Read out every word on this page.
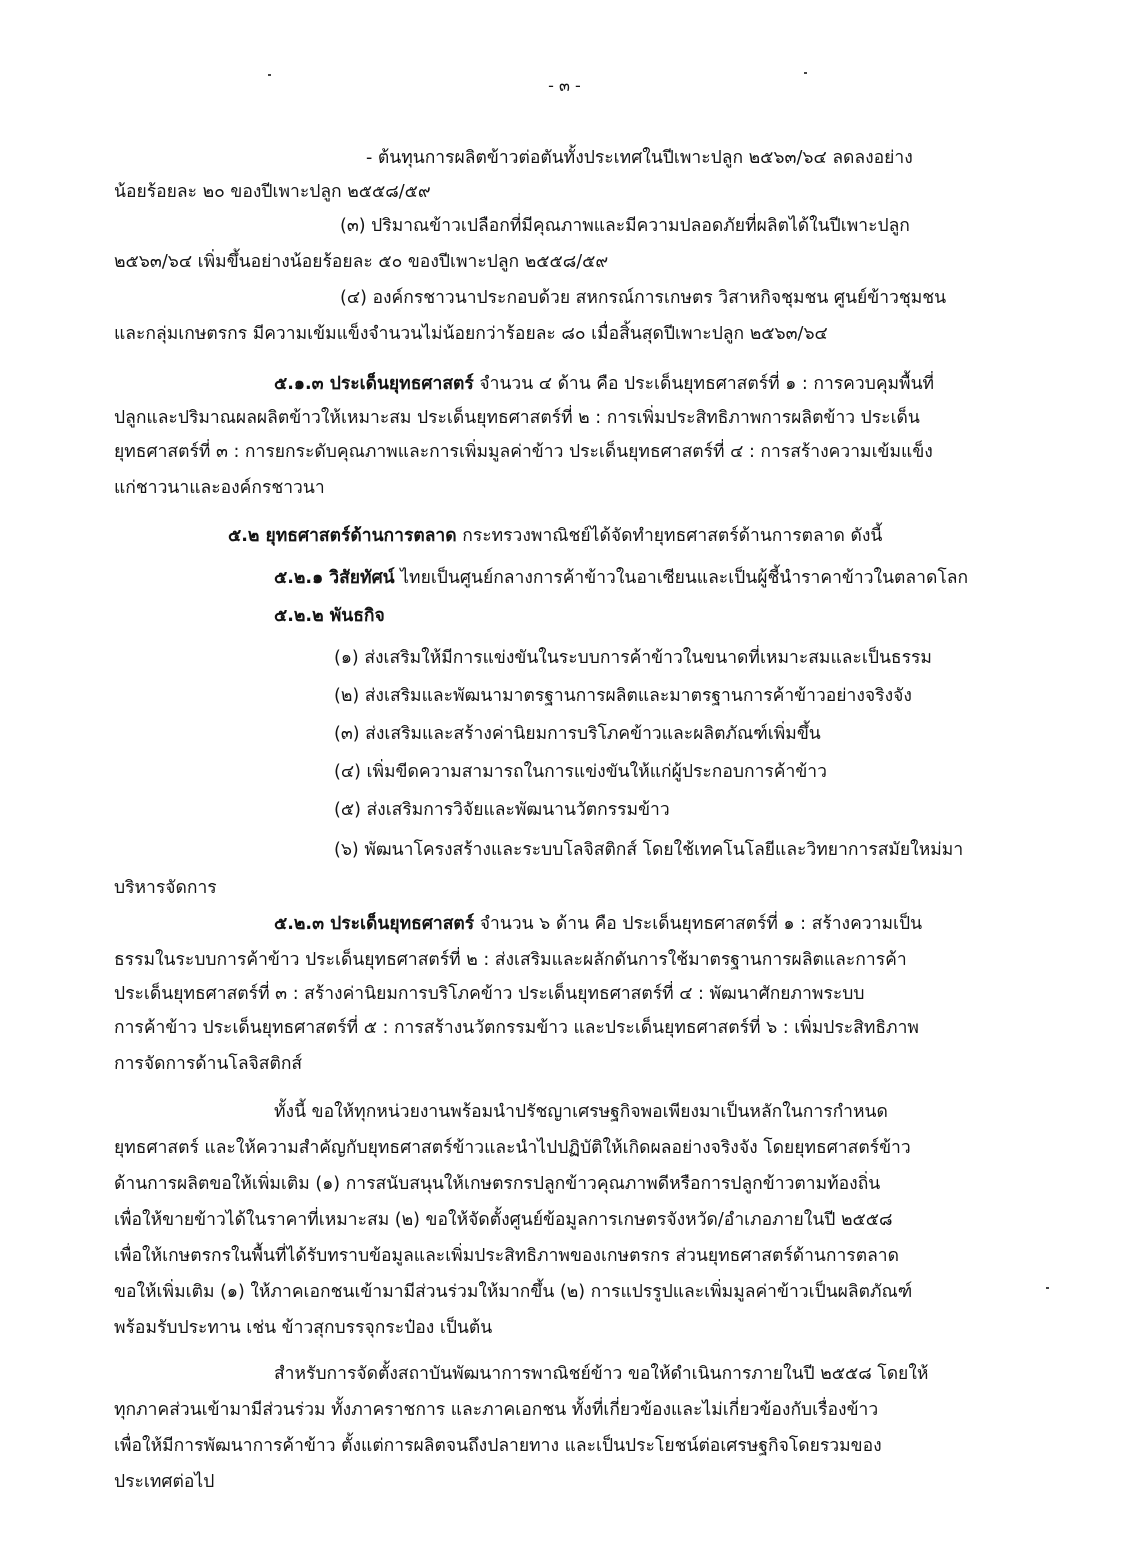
- ๓ -
- ต้นทุนการผลิตข้าวต่อตันทั้งประเทศในปีเพาะปลูก ๒๕๖๓/๖๔ ลดลงอย่าง
น้อยร้อยละ ๒๐ ของปีเพาะปลูก ๒๕๕๘/๕๙
(๓) ปริมาณข้าวเปลือกที่มีคุณภาพและมีความปลอดภัยที่ผลิตได้ในปีเพาะปลูก
๒๕๖๓/๖๔ เพิ่มขึ้นอย่างน้อยร้อยละ ๕๐ ของปีเพาะปลูก ๒๕๕๘/๕๙
(๔) องค์กรชาวนาประกอบด้วย สหกรณ์การเกษตร วิสาหกิจชุมชน ศูนย์ข้าวชุมชน
และกลุ่มเกษตรกร มีความเข้มแข็งจำนวนไม่น้อยกว่าร้อยละ ๘๐ เมื่อสิ้นสุดปีเพาะปลูก ๒๕๖๓/๖๔
๕.๑.๓ ประเด็นยุทธศาสตร์ จำนวน ๔ ด้าน คือ ประเด็นยุทธศาสตร์ที่ ๑ : การควบคุมพื้นที่
ปลูกและปริมาณผลผลิตข้าวให้เหมาะสม ประเด็นยุทธศาสตร์ที่ ๒ : การเพิ่มประสิทธิภาพการผลิตข้าว ประเด็น
ยุทธศาสตร์ที่ ๓ : การยกระดับคุณภาพและการเพิ่มมูลค่าข้าว ประเด็นยุทธศาสตร์ที่ ๔ : การสร้างความเข้มแข็ง
แก่ชาวนาและองค์กรชาวนา
๕.๒ ยุทธศาสตร์ด้านการตลาด กระทรวงพาณิชย์ได้จัดทำยุทธศาสตร์ด้านการตลาด ดังนี้
๕.๒.๑ วิสัยทัศน์ ไทยเป็นศูนย์กลางการค้าข้าวในอาเซียนและเป็นผู้ชี้นำราคาข้าวในตลาดโลก
๕.๒.๒ พันธกิจ
(๑) ส่งเสริมให้มีการแข่งขันในระบบการค้าข้าวในขนาดที่เหมาะสมและเป็นธรรม
(๒) ส่งเสริมและพัฒนามาตรฐานการผลิตและมาตรฐานการค้าข้าวอย่างจริงจัง
(๓) ส่งเสริมและสร้างค่านิยมการบริโภคข้าวและผลิตภัณฑ์เพิ่มขึ้น
(๔) เพิ่มขีดความสามารถในการแข่งขันให้แก่ผู้ประกอบการค้าข้าว
(๕) ส่งเสริมการวิจัยและพัฒนานวัตกรรมข้าว
(๖) พัฒนาโครงสร้างและระบบโลจิสติกส์ โดยใช้เทคโนโลยีและวิทยาการสมัยใหม่มา
บริหารจัดการ
๕.๒.๓ ประเด็นยุทธศาสตร์ จำนวน ๖ ด้าน คือ ประเด็นยุทธศาสตร์ที่ ๑ : สร้างความเป็น
ธรรมในระบบการค้าข้าว ประเด็นยุทธศาสตร์ที่ ๒ : ส่งเสริมและผลักดันการใช้มาตรฐานการผลิตและการค้า
ประเด็นยุทธศาสตร์ที่ ๓ : สร้างค่านิยมการบริโภคข้าว ประเด็นยุทธศาสตร์ที่ ๔ : พัฒนาศักยภาพระบบ
การค้าข้าว ประเด็นยุทธศาสตร์ที่ ๕ : การสร้างนวัตกรรมข้าว และประเด็นยุทธศาสตร์ที่ ๖ : เพิ่มประสิทธิภาพ
การจัดการด้านโลจิสติกส์
ทั้งนี้ ขอให้ทุกหน่วยงานพร้อมนำปรัชญาเศรษฐกิจพอเพียงมาเป็นหลักในการกำหนด
ยุทธศาสตร์ และให้ความสำคัญกับยุทธศาสตร์ข้าวและนำไปปฏิบัติให้เกิดผลอย่างจริงจัง โดยยุทธศาสตร์ข้าว
ด้านการผลิตขอให้เพิ่มเติม (๑) การสนับสนุนให้เกษตรกรปลูกข้าวคุณภาพดีหรือการปลูกข้าวตามท้องถิ่น
เพื่อให้ขายข้าวได้ในราคาที่เหมาะสม (๒) ขอให้จัดตั้งศูนย์ข้อมูลการเกษตรจังหวัด/อำเภอภายในปี ๒๕๕๘
เพื่อให้เกษตรกรในพื้นที่ได้รับทราบข้อมูลและเพิ่มประสิทธิภาพของเกษตรกร ส่วนยุทธศาสตร์ด้านการตลาด
ขอให้เพิ่มเติม (๑) ให้ภาคเอกชนเข้ามามีส่วนร่วมให้มากขึ้น (๒) การแปรรูปและเพิ่มมูลค่าข้าวเป็นผลิตภัณฑ์
พร้อมรับประทาน เช่น ข้าวสุกบรรจุกระป๋อง เป็นต้น
สำหรับการจัดตั้งสถาบันพัฒนาการพาณิชย์ข้าว ขอให้ดำเนินการภายในปี ๒๕๕๘ โดยให้
ทุกภาคส่วนเข้ามามีส่วนร่วม ทั้งภาคราชการ และภาคเอกชน ทั้งที่เกี่ยวข้องและไม่เกี่ยวข้องกับเรื่องข้าว
เพื่อให้มีการพัฒนาการค้าข้าว ตั้งแต่การผลิตจนถึงปลายทาง และเป็นประโยชน์ต่อเศรษฐกิจโดยรวมของ
ประเทศต่อไป
